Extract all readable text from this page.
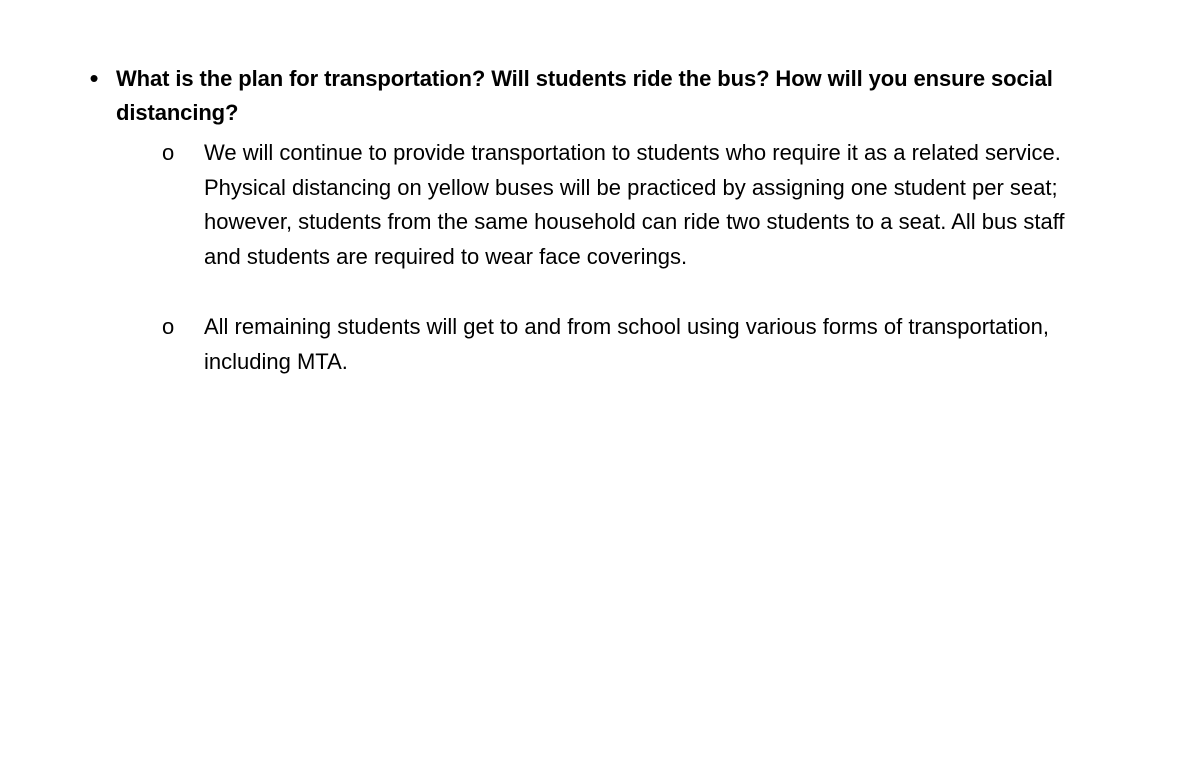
• What is the plan for transportation? Will students ride the bus? How will you ensure social distancing?
o	We will continue to provide transportation to students who require it as a related service. Physical distancing on yellow buses will be practiced by assigning one student per seat; however, students from the same household can ride two students to a seat. All bus staff and students are required to wear face coverings.
o	All remaining students will get to and from school using various forms of transportation, including MTA.
